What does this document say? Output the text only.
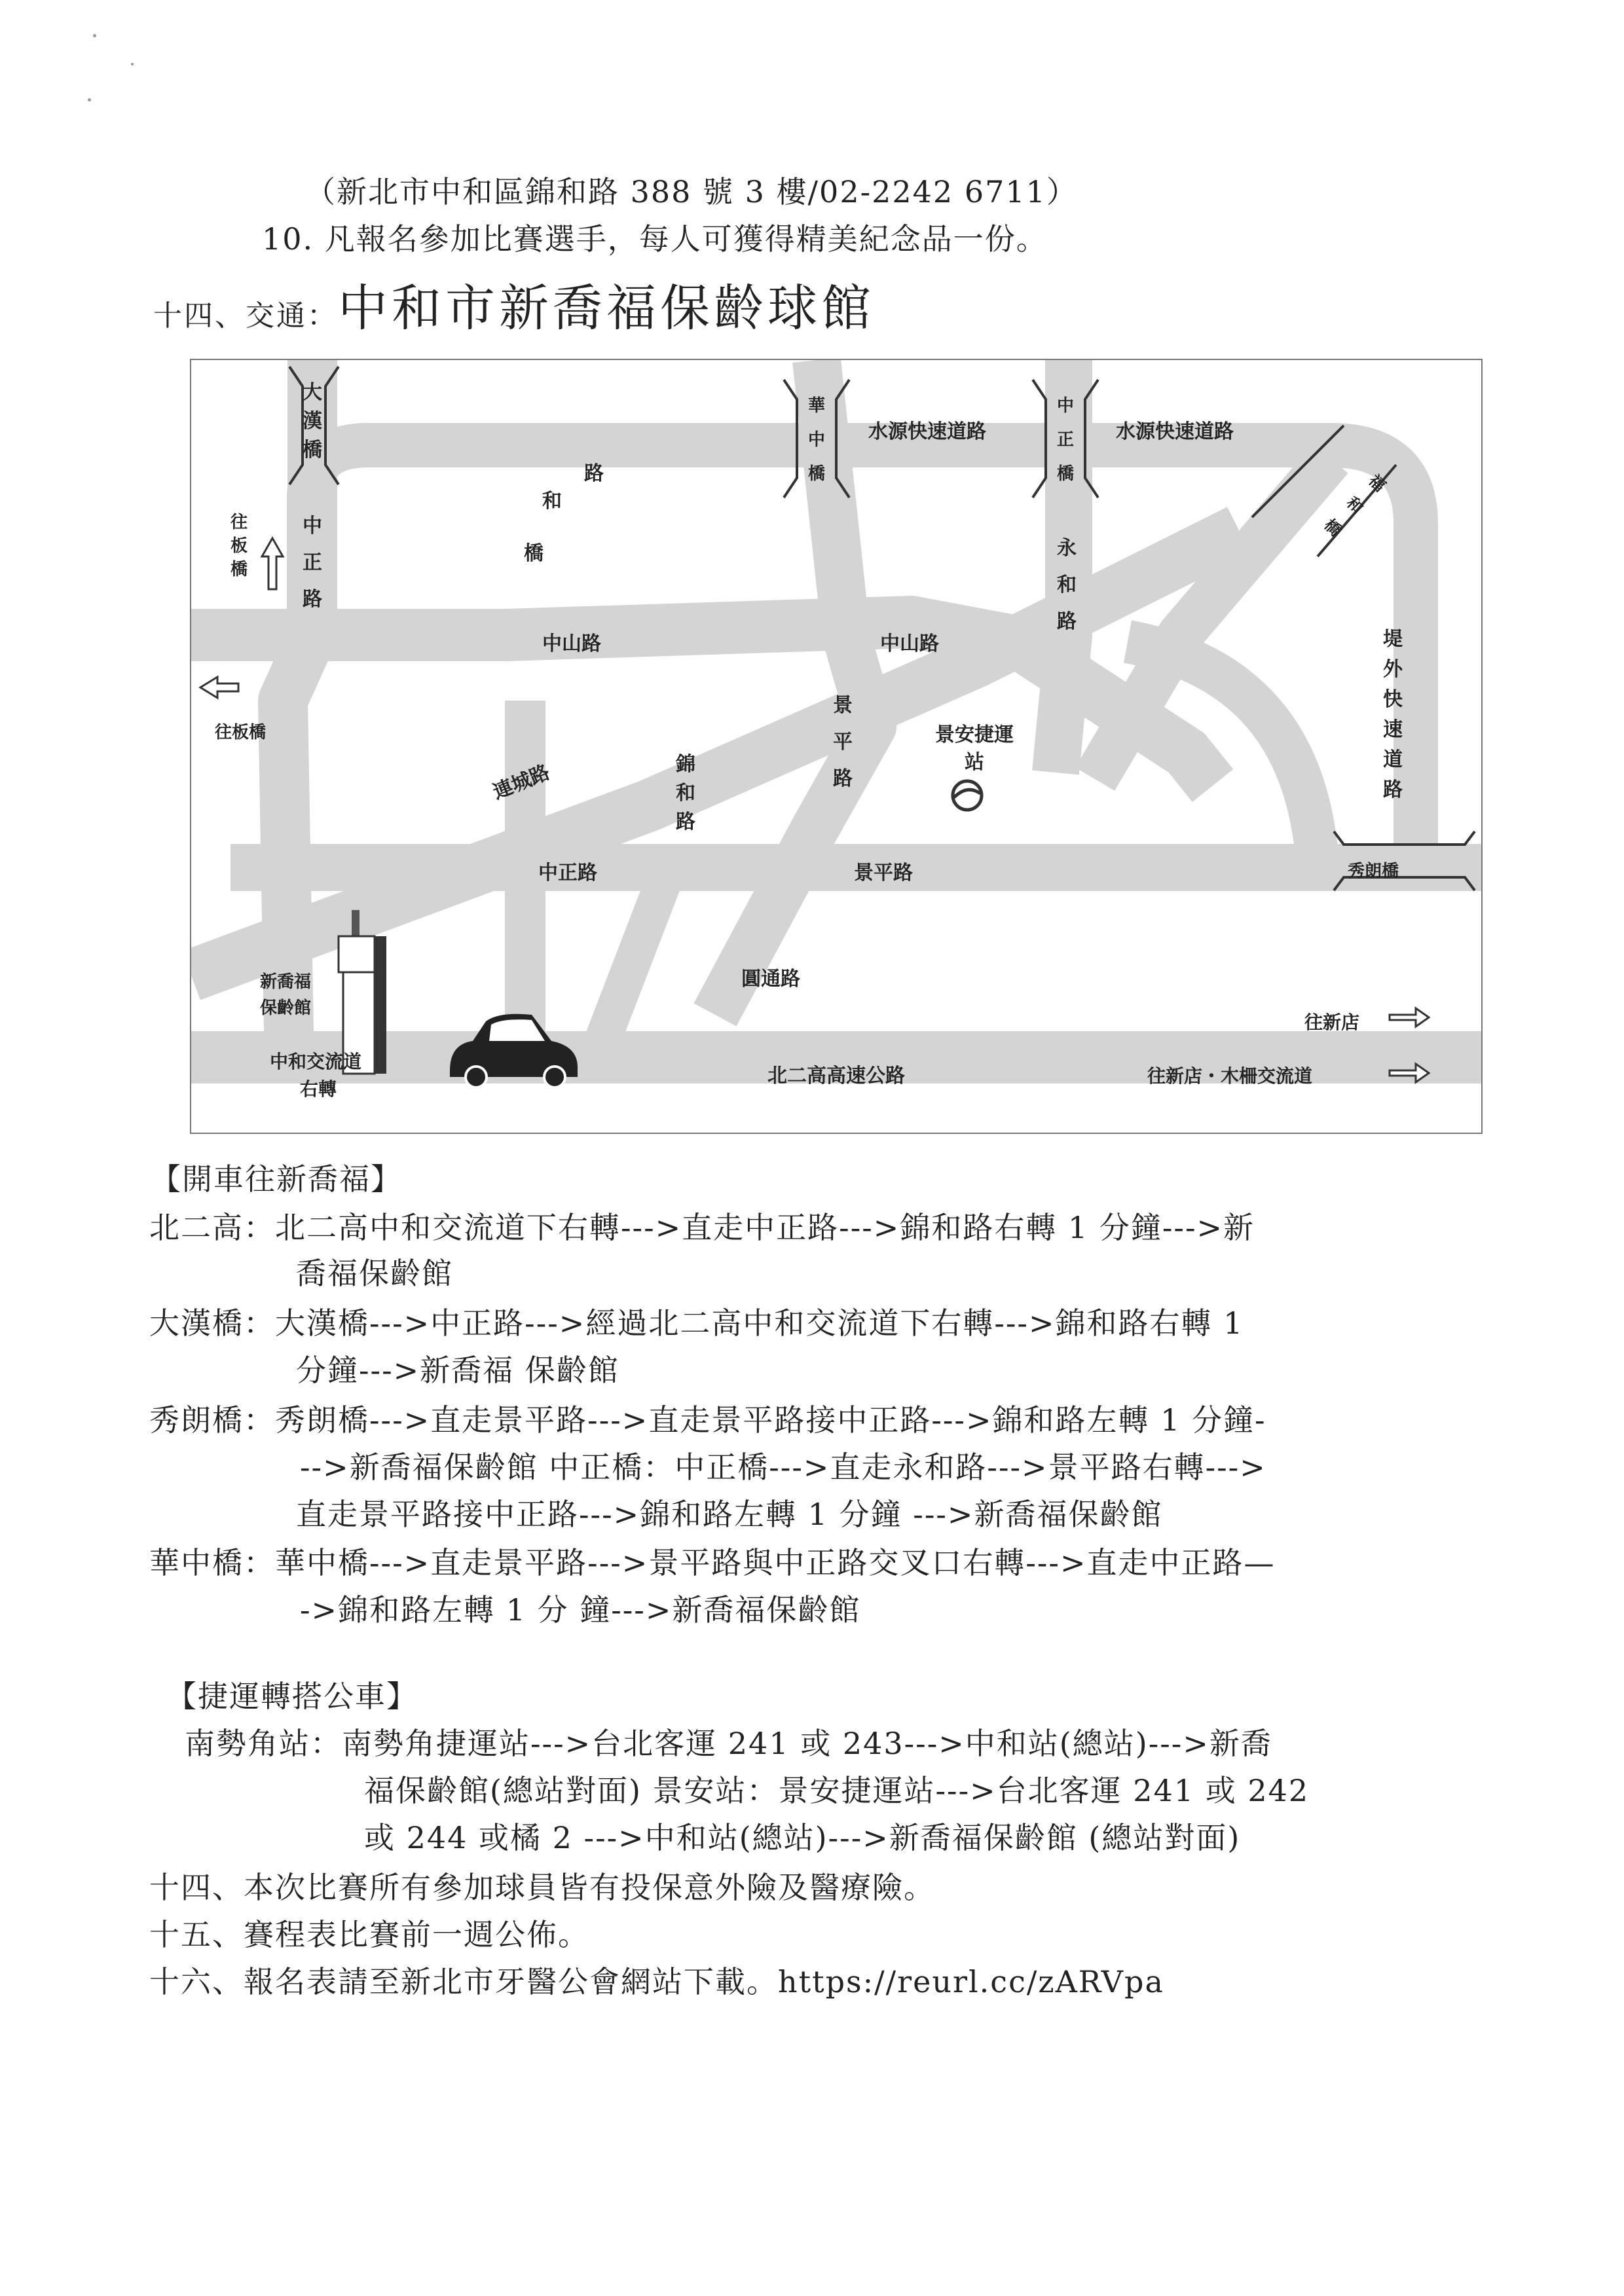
（新北市中和區錦和路 388 號 3 樓/02-2242 6711）
10. 凡報名參加比賽選手，每人可獲得精美紀念品一份。
十四、交通：中和市新喬福保齡球館
大漢橋
中正路
往板橋
往板橋
和
路
橋
華中橋
水源快速道路
中正橋
水源快速道路
福和橋
永和路
中山路	中山路	堤外快速道路
景平路
景安捷運站
連城路	錦和路
中正路	景平路	秀朗橋
新喬福保齡館
圓通路
往新店
中和交流道
右轉
北二高高速公路	往新店・木柵交流道
【開車往新喬福】
北二高：北二高中和交流道下右轉--->直走中正路--->錦和路右轉 1 分鐘--->新
喬福保齡館
大漢橋：大漢橋--->中正路--->經過北二高中和交流道下右轉--->錦和路右轉 1
分鐘--->新喬福 保齡館
秀朗橋：秀朗橋--->直走景平路--->直走景平路接中正路--->錦和路左轉 1 分鐘-
-->新喬福保齡館 中正橋：中正橋--->直走永和路--->景平路右轉--->
直走景平路接中正路--->錦和路左轉 1 分鐘 --->新喬福保齡館
華中橋：華中橋--->直走景平路--->景平路與中正路交叉口右轉--->直走中正路—
->錦和路左轉 1 分 鐘--->新喬福保齡館
【捷運轉搭公車】
南勢角站：南勢角捷運站--->台北客運 241 或 243--->中和站(總站)--->新喬
福保齡館(總站對面) 景安站：景安捷運站--->台北客運 241 或 242
或 244 或橘 2 --->中和站(總站)--->新喬福保齡館 (總站對面)
十四、本次比賽所有參加球員皆有投保意外險及醫療險。
十五、賽程表比賽前一週公佈。
十六、報名表請至新北市牙醫公會網站下載。https://reurl.cc/zARVpa
